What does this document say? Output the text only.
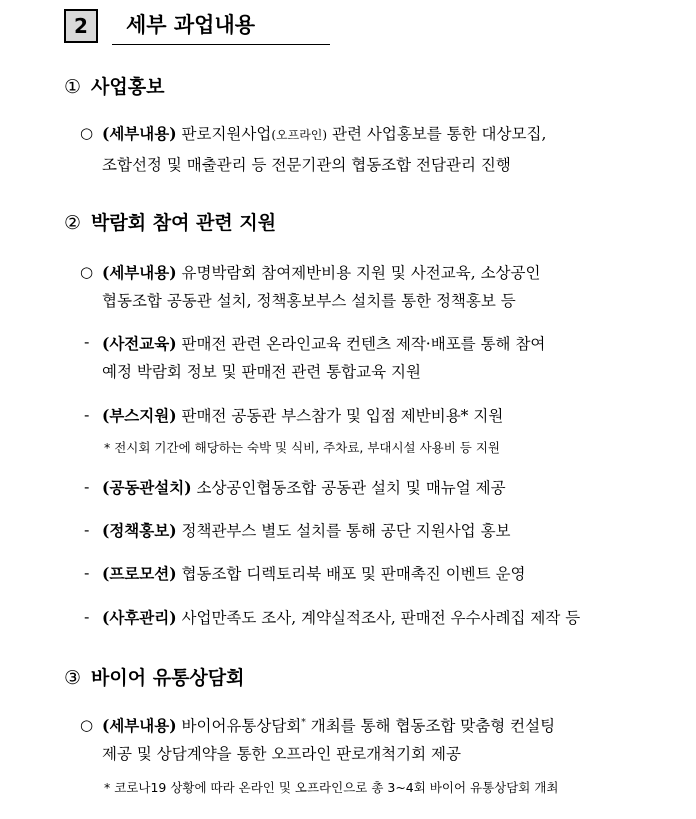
2	세부 과업내용
① 사업홍보
○ (세부내용) 판로지원사업(오프라인) 관련 사업홍보를 통한 대상모집,
조합선정 및 매출관리 등 전문기관의 협동조합 전담관리 진행
② 박람회 참여 관련 지원
○ (세부내용) 유명박람회 참여제반비용 지원 및 사전교육, 소상공인
협동조합 공동관 설치, 정책홍보부스 설치를 통한 정책홍보 등
- (사전교육) 판매전 관련 온라인교육 컨텐츠 제작·배포를 통해 참여
예정 박람회 정보 및 판매전 관련 통합교육 지원
- (부스지원) 판매전 공동관 부스참가 및 입점 제반비용* 지원
* 전시회 기간에 해당하는 숙박 및 식비, 주차료, 부대시설 사용비 등 지원
- (공동관설치) 소상공인협동조합 공동관 설치 및 매뉴얼 제공
- (정책홍보) 정책관부스 별도 설치를 통해 공단 지원사업 홍보
- (프로모션) 협동조합 디렉토리북 배포 및 판매촉진 이벤트 운영
- (사후관리) 사업만족도 조사, 계약실적조사, 판매전 우수사례집 제작 등
③ 바이어 유통상담회
○ (세부내용) 바이어유통상담회* 개최를 통해 협동조합 맞춤형 컨설팅
제공 및 상담계약을 통한 오프라인 판로개척기회 제공
* 코로나19 상황에 따라 온라인 및 오프라인으로 총 3~4회 바이어 유통상담회 개최
